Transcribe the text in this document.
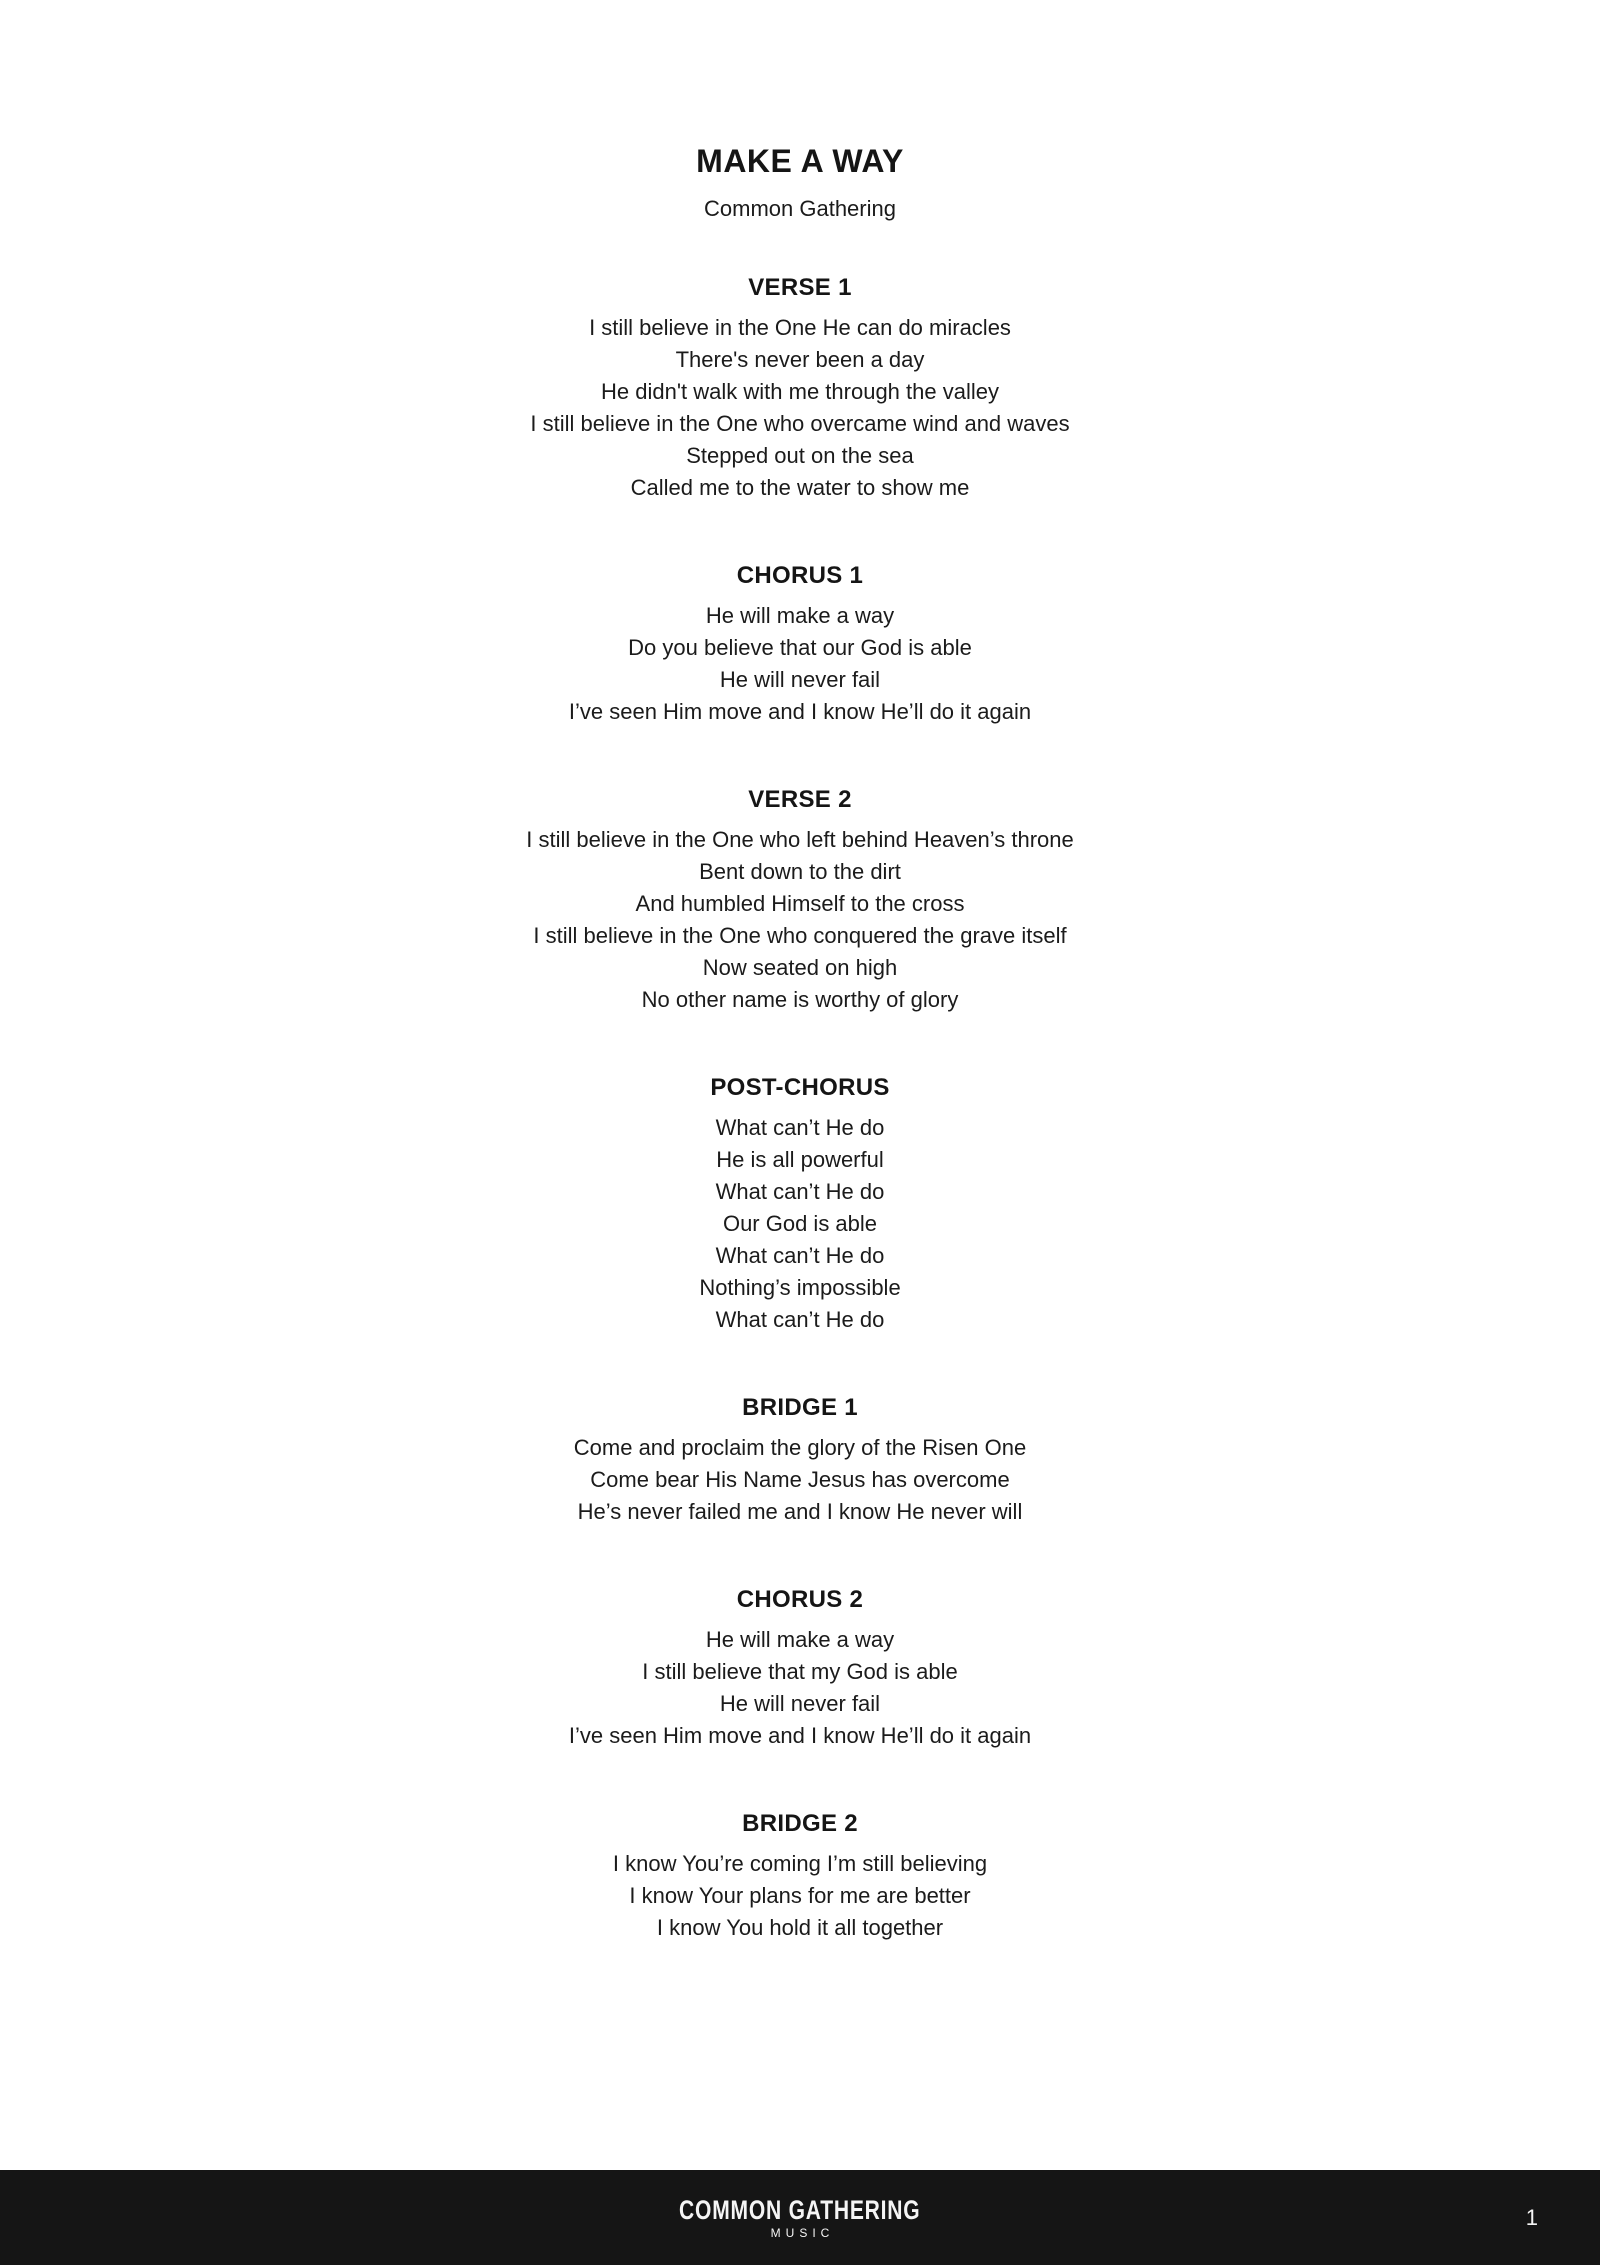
MAKE A WAY
Common Gathering
VERSE 1
I still believe in the One He can do miracles
There's never been a day
He didn't walk with me through the valley
I still believe in the One who overcame wind and waves
Stepped out on the sea
Called me to the water to show me
CHORUS 1
He will make a way
Do you believe that our God is able
He will never fail
I’ve seen Him move and I know He’ll do it again
VERSE 2
I still believe in the One who left behind Heaven’s throne
Bent down to the dirt
And humbled Himself to the cross
I still believe in the One who conquered the grave itself
Now seated on high
No other name is worthy of glory
POST-CHORUS
What can’t He do
He is all powerful
What can’t He do
Our God is able
What can’t He do
Nothing’s impossible
What can’t He do
BRIDGE 1
Come and proclaim the glory of the Risen One
Come bear His Name Jesus has overcome
He’s never failed me and I know He never will
CHORUS 2
He will make a way
I still believe that my God is able
He will never fail
I’ve seen Him move and I know He’ll do it again
BRIDGE 2
I know You’re coming I’m still believing
I know Your plans for me are better
I know You hold it all together
COMMON GATHERING
MUSIC
1
